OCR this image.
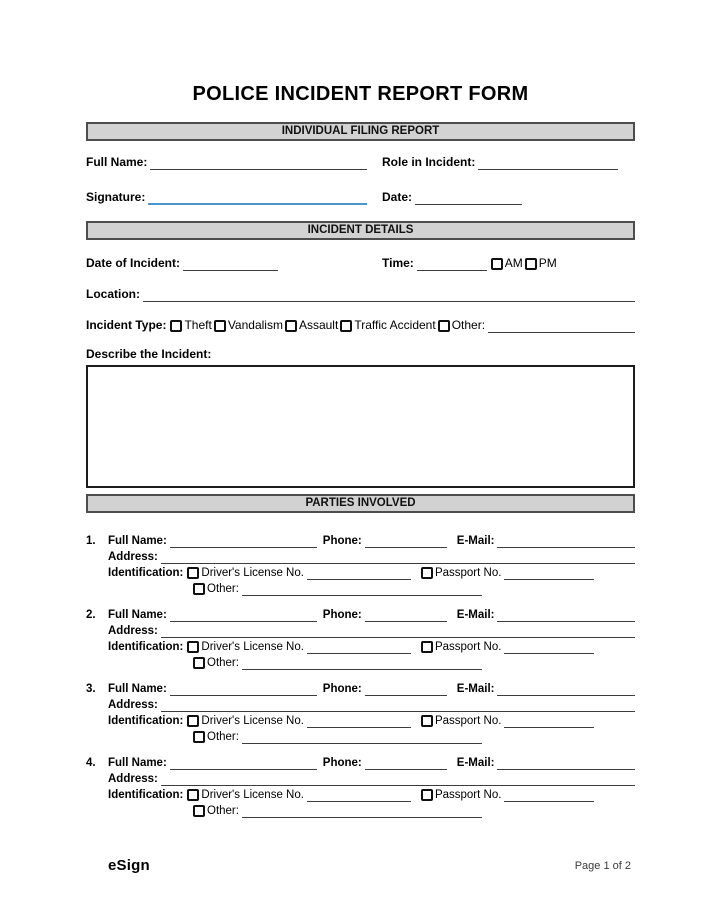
POLICE INCIDENT REPORT FORM
INDIVIDUAL FILING REPORT
Full Name:	Role in Incident:
Signature:	Date:
INCIDENT DETAILS
Date of Incident:	Time:	AM PM
Location:
Incident Type: Theft Vandalism Assault Traffic Accident Other:
Describe the Incident:
PARTIES INVOLVED
1.	Full Name:	Phone:	E-Mail:
Address:
Identification: Driver's License No.	Passport No.
Other:
2.	Full Name:	Phone:	E-Mail:
Address:
Identification: Driver's License No.	Passport No.
Other:
3.	Full Name:	Phone:	E-Mail:
Address:
Identification: Driver's License No.	Passport No.
Other:
4.	Full Name:	Phone:	E-Mail:
Address:
Identification: Driver's License No.	Passport No.
Other:
eSign	Page 1 of 2
